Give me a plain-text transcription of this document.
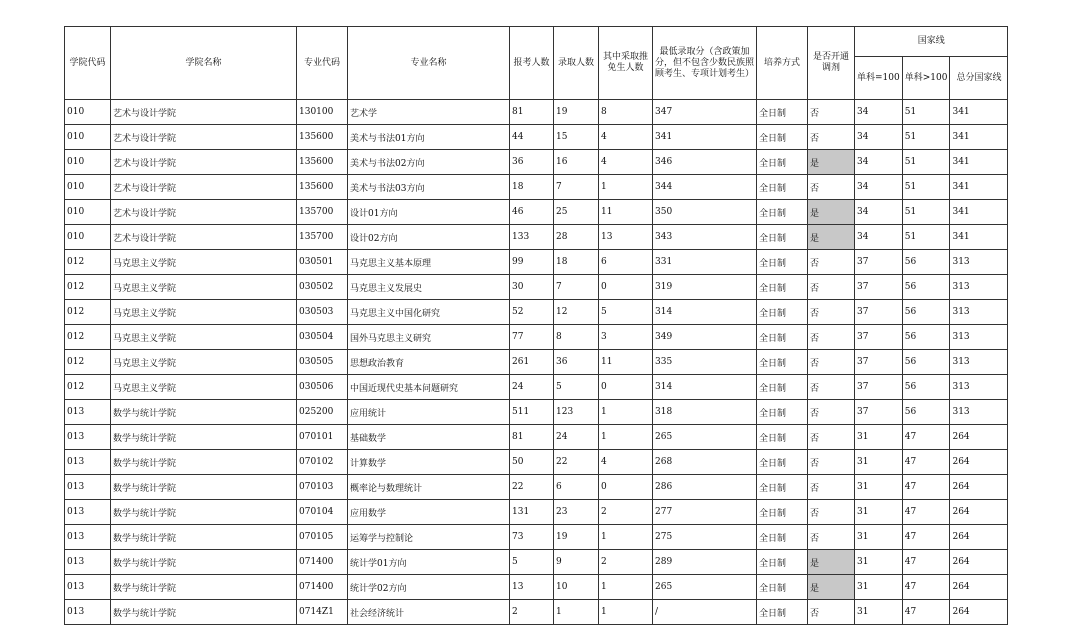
学院代码	学院名称	专业代码	专业名称	报考人数	录取人数	其中采取推免生人数	最低录取分（含政策加分，但不包含少数民族照顾考生、专项计划考生）	培养方式	是否开通调剂	国家线		
										单科=100	单科>100	总分国家线
010	艺术与设计学院	130100	艺术学	81	19	8	347	全日制	否	34	51	341
010	艺术与设计学院	135600	美术与书法01方向	44	15	4	341	全日制	否	34	51	341
010	艺术与设计学院	135600	美术与书法02方向	36	16	4	346	全日制	是	34	51	341
010	艺术与设计学院	135600	美术与书法03方向	18	7	1	344	全日制	否	34	51	341
010	艺术与设计学院	135700	设计01方向	46	25	11	350	全日制	是	34	51	341
010	艺术与设计学院	135700	设计02方向	133	28	13	343	全日制	是	34	51	341
012	马克思主义学院	030501	马克思主义基本原理	99	18	6	331	全日制	否	37	56	313
012	马克思主义学院	030502	马克思主义发展史	30	7	0	319	全日制	否	37	56	313
012	马克思主义学院	030503	马克思主义中国化研究	52	12	5	314	全日制	否	37	56	313
012	马克思主义学院	030504	国外马克思主义研究	77	8	3	349	全日制	否	37	56	313
012	马克思主义学院	030505	思想政治教育	261	36	11	335	全日制	否	37	56	313
012	马克思主义学院	030506	中国近现代史基本问题研究	24	5	0	314	全日制	否	37	56	313
013	数学与统计学院	025200	应用统计	511	123	1	318	全日制	否	37	56	313
013	数学与统计学院	070101	基础数学	81	24	1	265	全日制	否	31	47	264
013	数学与统计学院	070102	计算数学	50	22	4	268	全日制	否	31	47	264
013	数学与统计学院	070103	概率论与数理统计	22	6	0	286	全日制	否	31	47	264
013	数学与统计学院	070104	应用数学	131	23	2	277	全日制	否	31	47	264
013	数学与统计学院	070105	运筹学与控制论	73	19	1	275	全日制	否	31	47	264
013	数学与统计学院	071400	统计学01方向	5	9	2	289	全日制	是	31	47	264
013	数学与统计学院	071400	统计学02方向	13	10	1	265	全日制	是	31	47	264
013	数学与统计学院	0714Z1	社会经济统计	2	1	1	/	全日制	否	31	47	264
